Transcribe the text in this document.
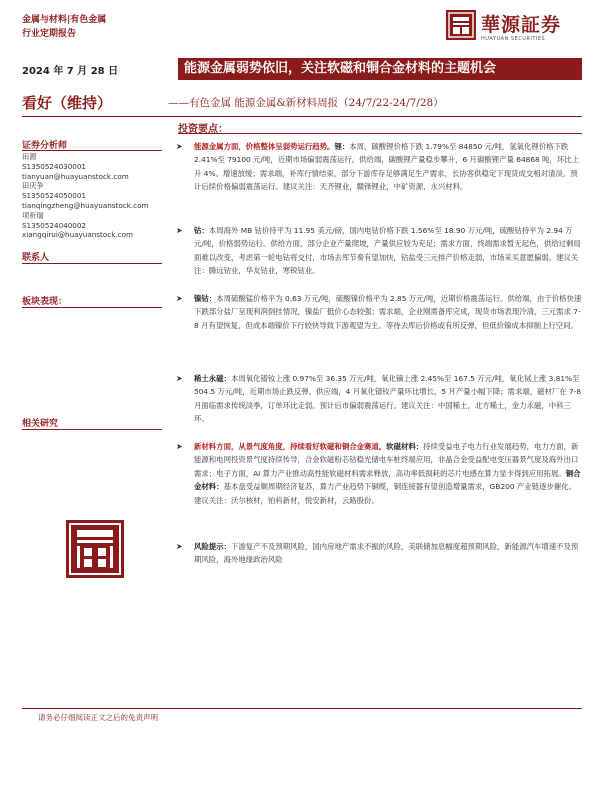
金属与材料|有色金属
行业定期报告	華源証券
HUAYUAN SECURITIES
2024 年 7 月 28 日	能源金属弱势依旧，关注软磁和铜合金材料的主题机会
看好（维持）	——有色金属 能源金属&新材料周报（24/7/22-24/7/28）
证券分析师
田源
S1350524030001
tianyuan@huayuanstock.com
田庆争
S1350524050001
tianqingzheng@huayuanstock.com
项祈瑞
S1350524040002
xiangqirui@huayuanstock.com
联系人
板块表现：
相关研究
投资要点：
➤ 能源金属方面，价格整体呈弱势运行趋势。锂：本周，碳酸锂价格下跌 1.79%至 84850 元/吨，氢氧化锂价格下跌 2.41%至 79100 元/吨，近期市场偏弱震荡运行。供给端，碳酸锂产量稳步攀升，6 月碳酸锂产量 64868 吨，环比上升 4%。增速放缓；需求端，补库行情结束，部分下游库存足够满足生产需求，长协客供稳定下现货成交相对清淡。预计后续价格偏弱震荡运行。建议关注：天齐锂业，赣锋锂业，中矿资源，永兴材料。
➤ 钴：本周海外 MB 钴价持平为 11.95 美元/磅，国内电钴价格下跌 1.56%至 18.90 万元/吨，硫酸钴持平为 2.94 万元/吨，价格弱势运行。供给方面，部分企业产量爬坡，产量供应较为充足；需求方面，终端需求暂无起色，供给过剩局面难以改变，考虑第一轮电钴将交付，市场去库节奏有望加快，钴盐受三元排产价格走弱，市场采买意愿偏弱。建议关注：腾远钴业，华友钴业，寒锐钴业。
➤ 镍钴：本周硫酸锰价格平为 0.63 万元/吨，硫酸镍价格平为 2.85 万元/吨，近期价格震荡运行。供给端，由于价格快速下跌部分盐厂呈现利润倒挂情况，镍盐厂挺价心态较强；需求端，企业刚需备库完成，现货市场表现冷清，三元需求 7-8 月有望恢复，但成本端镍价下行较快导致下游观望为主。等待去库后价格或有所反弹，但低价镍成本抑制上行空间。
➤ 稀土永磁：本周氧化镨钕上涨 0.97%至 36.35 万元/吨，氧化镝上涨 2.45%至 167.5 万元/吨，氧化铽上涨 3.81%至 504.5 万元/吨，近期市场止跌反弹。供应端，4 月氧化镨钕产量环比增长，5 月产量小幅下降；需求端，磁材厂在 7-8 月面临需求传统淡季，订单环比走弱。预计后市偏弱震荡运行。建议关注：中国稀土，北方稀土，金力永磁，中科三环。
➤ 新材料方面，从景气度角度，持续看好软磁和铜合金赛道。软磁材料：持续受益电子电力行业发展趋势，电力方面，新能源和电网投资景气度持续传导，合金软磁粉芯钴稳光储电车桩终端应用，非晶合金受益配电变压器景气度及海外出口需求；电子方面，AI 算力产业推动高性能软磁材料需求释放，高功率低损耗的芯片电感在算力显卡得到应用拓展。铜合金材料：基本盘受益顺周期经济复苏，算力产业趋势下铜缆，铜连接器有望创造增量需求，GB200 产业链逐步催化。建议关注：沃尔核材，铂科新材，悦安新材，云路股份。
➤ 风险提示：下游复产不及预期风险，国内房地产需求不振的风险，美联储加息幅度超预期风险，新能源汽车增速不及预期风险，海外地缘政治风险
请务必仔细阅读正文之后的免责声明
